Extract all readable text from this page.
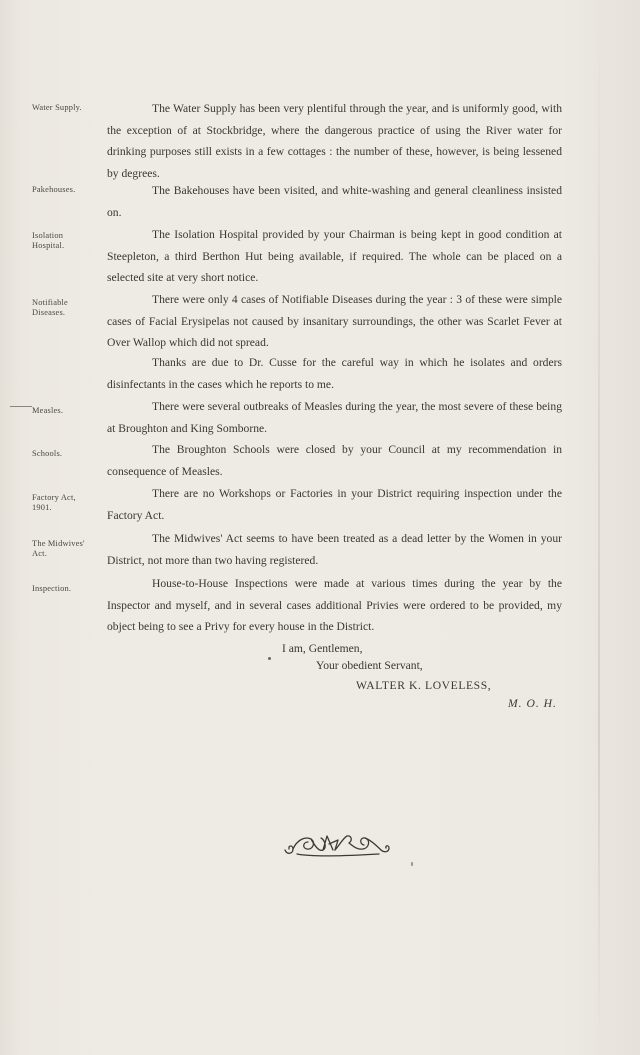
Water Supply.
Pakehouses.
Isolation Hospital.
Notifiable Diseases.
Measles.
Schools.
Factory Act, 1901.
The Midwives' Act.
Inspection.

The Water Supply has been very plentiful through the year, and is uniformly good, with the exception of at Stockbridge, where the dangerous practice of using the River water for drinking purposes still exists in a few cottages : the number of these, however, is being lessened by degrees.

The Bakehouses have been visited, and white-washing and general cleanliness insisted on.

The Isolation Hospital provided by your Chairman is being kept in good condition at Steepleton, a third Berthon Hut being available, if required. The whole can be placed on a selected site at very short notice.

There were only 4 cases of Notifiable Diseases during the year : 3 of these were simple cases of Facial Erysipelas not caused by insanitary surroundings, the other was Scarlet Fever at Over Wallop which did not spread.

Thanks are due to Dr. Cusse for the careful way in which he isolates and orders disinfectants in the cases which he reports to me.

There were several outbreaks of Measles during the year, the most severe of these being at Broughton and King Somborne.

The Broughton Schools were closed by your Council at my recommendation in consequence of Measles.

There are no Workshops or Factories in your District requiring inspection under the Factory Act.

The Midwives' Act seems to have been treated as a dead letter by the Women in your District, not more than two having registered.

House-to-House Inspections were made at various times during the year by the Inspector and myself, and in several cases additional Privies were ordered to be provided, my object being to see a Privy for every house in the District.

I am, Gentlemen,
Your obedient Servant,
WALTER K. LOVELESS,
M. O. H.
